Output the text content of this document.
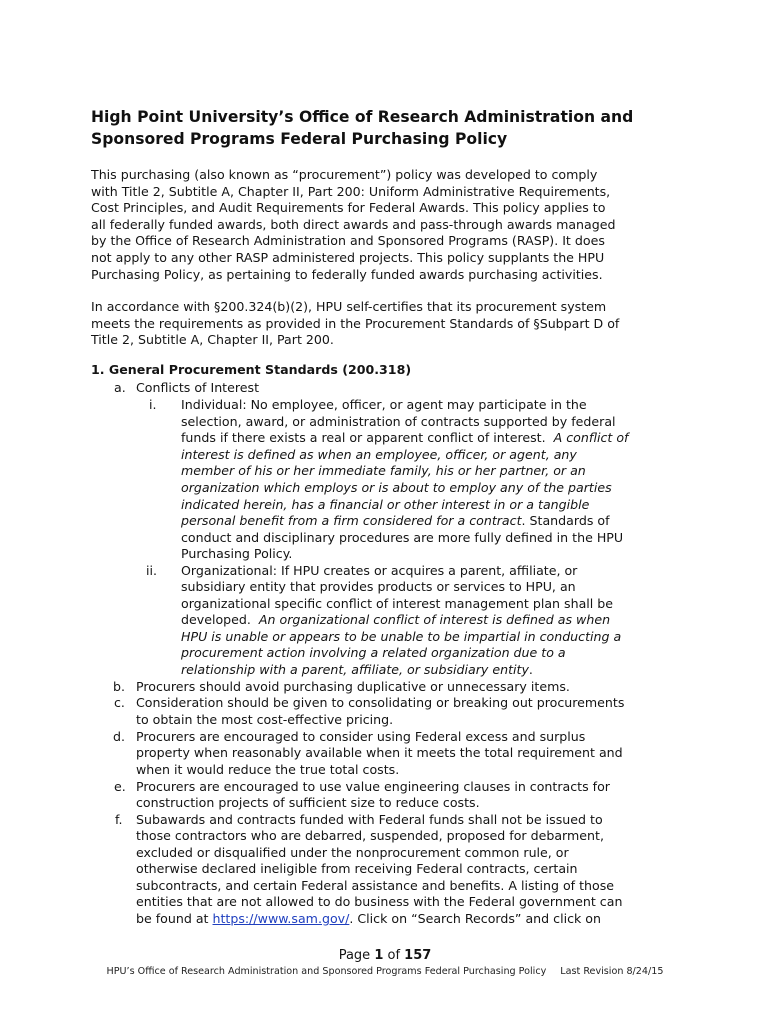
High Point University’s Office of Research Administration and
Sponsored Programs Federal Purchasing Policy

This purchasing (also known as “procurement”) policy was developed to comply
with Title 2, Subtitle A, Chapter II, Part 200: Uniform Administrative Requirements,
Cost Principles, and Audit Requirements for Federal Awards. This policy applies to
all federally funded awards, both direct awards and pass-through awards managed
by the Office of Research Administration and Sponsored Programs (RASP). It does
not apply to any other RASP administered projects. This policy supplants the HPU
Purchasing Policy, as pertaining to federally funded awards purchasing activities.

In accordance with §200.324(b)(2), HPU self-certifies that its procurement system
meets the requirements as provided in the Procurement Standards of §Subpart D of
Title 2, Subtitle A, Chapter II, Part 200.

1. General Procurement Standards (200.318)
a. Conflicts of Interest
i. Individual: No employee, officer, or agent may participate in the
selection, award, or administration of contracts supported by federal
funds if there exists a real or apparent conflict of interest.  A conflict of
interest is defined as when an employee, officer, or agent, any
member of his or her immediate family, his or her partner, or an
organization which employs or is about to employ any of the parties
indicated herein, has a financial or other interest in or a tangible
personal benefit from a firm considered for a contract. Standards of
conduct and disciplinary procedures are more fully defined in the HPU
Purchasing Policy.
ii. Organizational: If HPU creates or acquires a parent, affiliate, or
subsidiary entity that provides products or services to HPU, an
organizational specific conflict of interest management plan shall be
developed.  An organizational conflict of interest is defined as when
HPU is unable or appears to be unable to be impartial in conducting a
procurement action involving a related organization due to a
relationship with a parent, affiliate, or subsidiary entity.
b. Procurers should avoid purchasing duplicative or unnecessary items.
c. Consideration should be given to consolidating or breaking out procurements
to obtain the most cost-effective pricing.
d. Procurers are encouraged to consider using Federal excess and surplus
property when reasonably available when it meets the total requirement and
when it would reduce the true total costs.
e. Procurers are encouraged to use value engineering clauses in contracts for
construction projects of sufficient size to reduce costs.
f. Subawards and contracts funded with Federal funds shall not be issued to
those contractors who are debarred, suspended, proposed for debarment,
excluded or disqualified under the nonprocurement common rule, or
otherwise declared ineligible from receiving Federal contracts, certain
subcontracts, and certain Federal assistance and benefits. A listing of those
entities that are not allowed to do business with the Federal government can
be found at https://www.sam.gov/. Click on “Search Records” and click on
Page 1 of 157
HPU’s Office of Research Administration and Sponsored Programs Federal Purchasing Policy Last Revision 8/24/15
